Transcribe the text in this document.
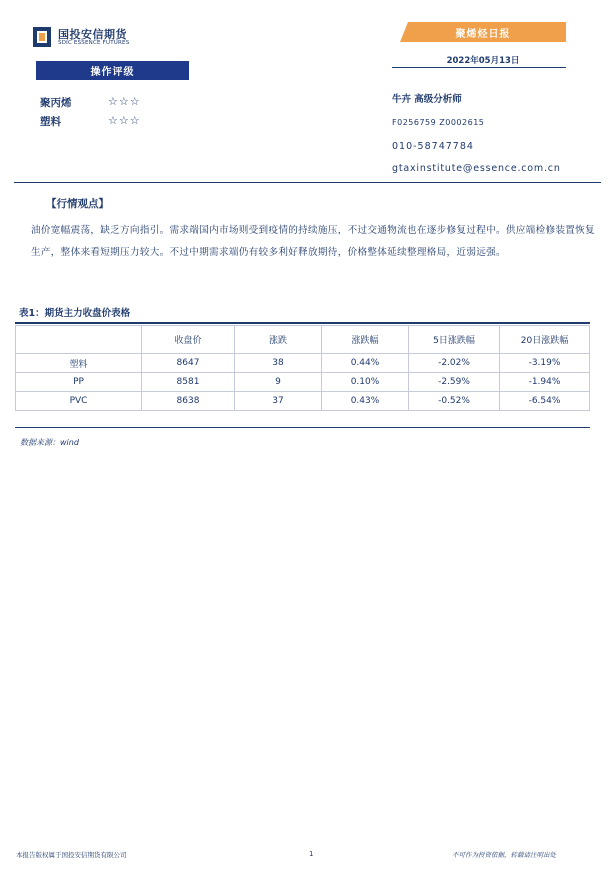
国投安信期货
SDIC ESSENCE FUTURES
聚烯烃日报
2022年05月13日
操作评级
聚丙烯	☆☆☆
塑料	☆☆☆
牛卉 高级分析师
F0256759 Z0002615
010-58747784
gtaxinstitute@essence.com.cn
【行情观点】
油价宽幅震荡，缺乏方向指引。需求端国内市场则受到疫情的持续施压，不过交通物流也在逐步修复过程中。供应端检修装置恢复生产，整体来看短期压力较大。不过中期需求端仍有较多利好释放期待，价格整体延续整理格局，近弱远强。
表1：期货主力收盘价表格
	收盘价	涨跌	涨跌幅	5日涨跌幅	20日涨跌幅
塑料	8647	38	0.44%	-2.02%	-3.19%
PP	8581	9	0.10%	-2.59%	-1.94%
PVC	8638	37	0.43%	-0.52%	-6.54%
数据来源：wind
本报告版权属于国投安信期货有限公司	1	不可作为投资依据，转载请注明出处
